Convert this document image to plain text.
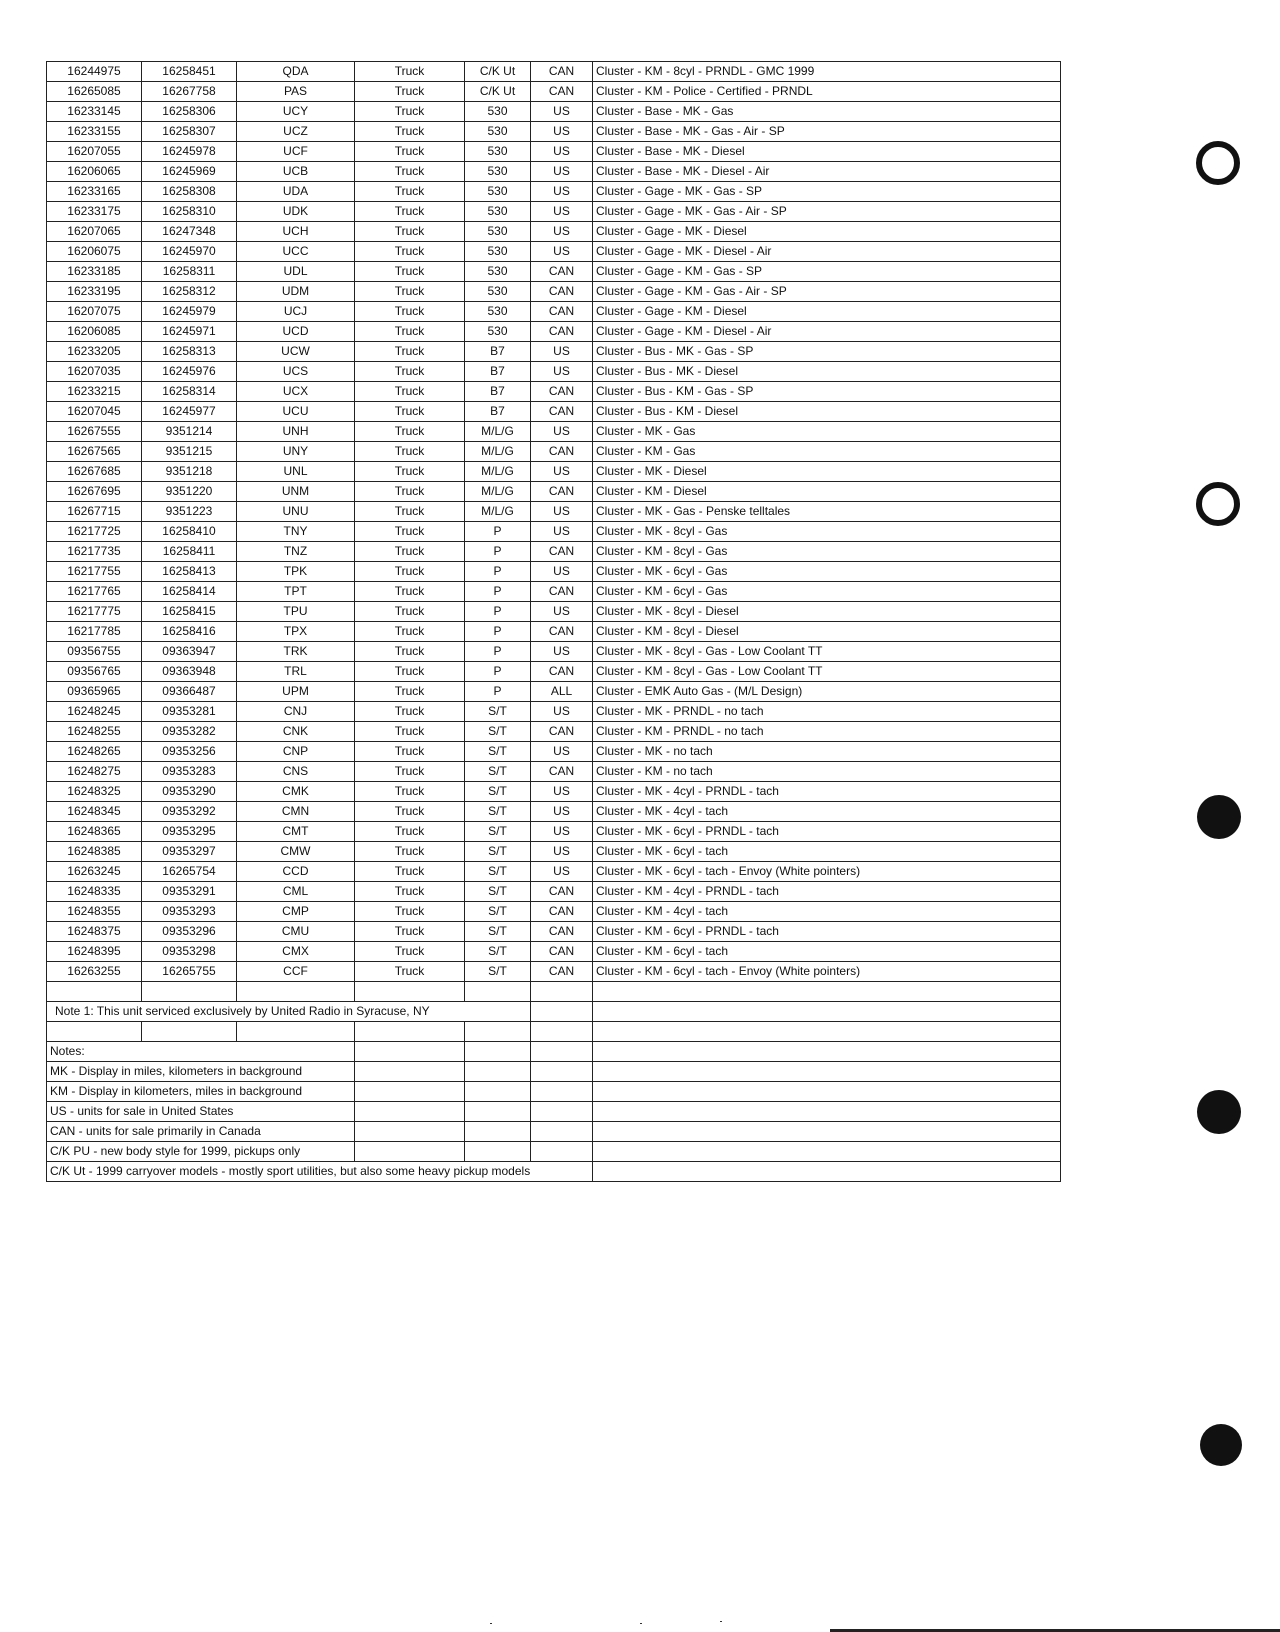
16244975	16258451	QDA	Truck	C/K Ut	CAN	Cluster - KM - 8cyl - PRNDL - GMC 1999
16265085	16267758	PAS	Truck	C/K Ut	CAN	Cluster - KM - Police - Certified - PRNDL
16233145	16258306	UCY	Truck	530	US	Cluster - Base - MK - Gas
16233155	16258307	UCZ	Truck	530	US	Cluster - Base - MK - Gas - Air - SP
16207055	16245978	UCF	Truck	530	US	Cluster - Base - MK - Diesel
16206065	16245969	UCB	Truck	530	US	Cluster - Base - MK - Diesel - Air
16233165	16258308	UDA	Truck	530	US	Cluster - Gage - MK - Gas - SP
16233175	16258310	UDK	Truck	530	US	Cluster - Gage - MK - Gas - Air - SP
16207065	16247348	UCH	Truck	530	US	Cluster - Gage - MK - Diesel
16206075	16245970	UCC	Truck	530	US	Cluster - Gage - MK - Diesel - Air
16233185	16258311	UDL	Truck	530	CAN	Cluster - Gage - KM - Gas - SP
16233195	16258312	UDM	Truck	530	CAN	Cluster - Gage - KM - Gas - Air - SP
16207075	16245979	UCJ	Truck	530	CAN	Cluster - Gage - KM - Diesel
16206085	16245971	UCD	Truck	530	CAN	Cluster - Gage - KM - Diesel - Air
16233205	16258313	UCW	Truck	B7	US	Cluster - Bus - MK - Gas - SP
16207035	16245976	UCS	Truck	B7	US	Cluster - Bus - MK - Diesel
16233215	16258314	UCX	Truck	B7	CAN	Cluster - Bus - KM - Gas - SP
16207045	16245977	UCU	Truck	B7	CAN	Cluster - Bus - KM - Diesel
16267555	9351214	UNH	Truck	M/L/G	US	Cluster - MK - Gas
16267565	9351215	UNY	Truck	M/L/G	CAN	Cluster - KM - Gas
16267685	9351218	UNL	Truck	M/L/G	US	Cluster - MK - Diesel
16267695	9351220	UNM	Truck	M/L/G	CAN	Cluster - KM - Diesel
16267715	9351223	UNU	Truck	M/L/G	US	Cluster - MK - Gas - Penske telltales
16217725	16258410	TNY	Truck	P	US	Cluster - MK - 8cyl - Gas
16217735	16258411	TNZ	Truck	P	CAN	Cluster - KM - 8cyl - Gas
16217755	16258413	TPK	Truck	P	US	Cluster - MK - 6cyl - Gas
16217765	16258414	TPT	Truck	P	CAN	Cluster - KM - 6cyl - Gas
16217775	16258415	TPU	Truck	P	US	Cluster - MK - 8cyl - Diesel
16217785	16258416	TPX	Truck	P	CAN	Cluster - KM - 8cyl - Diesel
09356755	09363947	TRK	Truck	P	US	Cluster - MK - 8cyl - Gas - Low Coolant TT
09356765	09363948	TRL	Truck	P	CAN	Cluster - KM - 8cyl - Gas - Low Coolant TT
09365965	09366487	UPM	Truck	P	ALL	Cluster - EMK Auto Gas - (M/L Design)
16248245	09353281	CNJ	Truck	S/T	US	Cluster - MK - PRNDL - no tach
16248255	09353282	CNK	Truck	S/T	CAN	Cluster - KM - PRNDL - no tach
16248265	09353256	CNP	Truck	S/T	US	Cluster - MK - no tach
16248275	09353283	CNS	Truck	S/T	CAN	Cluster - KM - no tach
16248325	09353290	CMK	Truck	S/T	US	Cluster - MK - 4cyl - PRNDL - tach
16248345	09353292	CMN	Truck	S/T	US	Cluster - MK - 4cyl - tach
16248365	09353295	CMT	Truck	S/T	US	Cluster - MK - 6cyl - PRNDL - tach
16248385	09353297	CMW	Truck	S/T	US	Cluster - MK - 6cyl - tach
16263245	16265754	CCD	Truck	S/T	US	Cluster - MK - 6cyl - tach - Envoy (White pointers)
16248335	09353291	CML	Truck	S/T	CAN	Cluster - KM - 4cyl - PRNDL - tach
16248355	09353293	CMP	Truck	S/T	CAN	Cluster - KM - 4cyl - tach
16248375	09353296	CMU	Truck	S/T	CAN	Cluster - KM - 6cyl - PRNDL - tach
16248395	09353298	CMX	Truck	S/T	CAN	Cluster - KM - 6cyl - tach
16263255	16265755	CCF	Truck	S/T	CAN	Cluster - KM - 6cyl - tach - Envoy (White pointers)

Note 1: This unit serviced exclusively by United Radio in Syracuse, NY						

Notes:						
MK - Display in miles, kilometers in background						
KM - Display in kilometers, miles in background						
US - units for sale in United States						
CAN - units for sale primarily in Canada						
C/K PU - new body style for 1999, pickups only						
C/K Ut - 1999 carryover models - mostly sport utilities, but also some heavy pickup models						
